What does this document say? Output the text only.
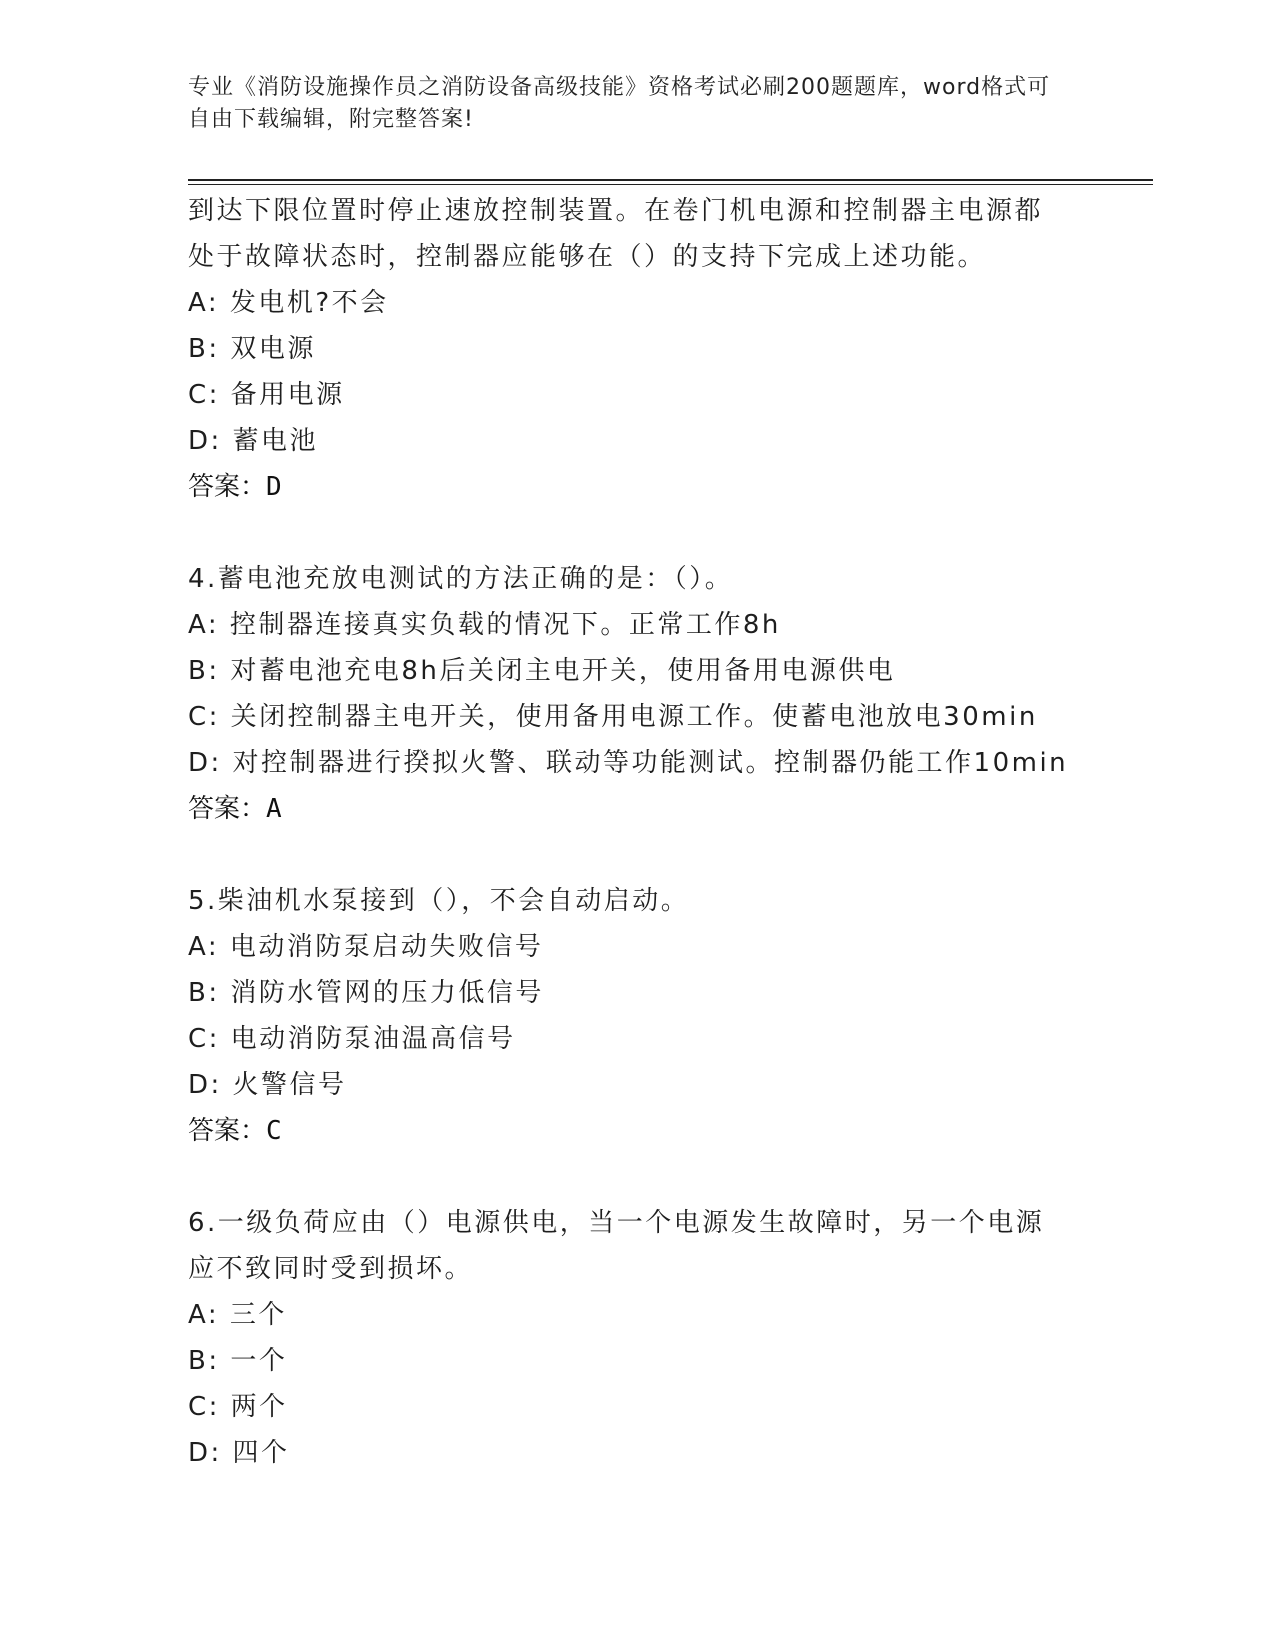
专业《消防设施操作员之消防设备高级技能》资格考试必刷200题题库，word格式可自由下载编辑，附完整答案!
到达下限位置时停止速放控制装置。在卷门机电源和控制器主电源都
处于故障状态时，控制器应能够在（）的支持下完成上述功能。
A: 发电机?不会
B: 双电源
C: 备用电源
D: 蓄电池
答案：D
4.蓄电池充放电测试的方法正确的是：（）。
A: 控制器连接真实负载的情况下。正常工作8h
B: 对蓄电池充电8h后关闭主电开关，使用备用电源供电
C: 关闭控制器主电开关，使用备用电源工作。使蓄电池放电30min
D: 对控制器进行揆拟火警、联动等功能测试。控制器仍能工作10min
答案：A
5.柴油机水泵接到（），不会自动启动。
A: 电动消防泵启动失败信号
B: 消防水管网的压力低信号
C: 电动消防泵油温高信号
D: 火警信号
答案：C
6.一级负荷应由（）电源供电，当一个电源发生故障时，另一个电源
应不致同时受到损坏。
A: 三个
B: 一个
C: 两个
D: 四个
